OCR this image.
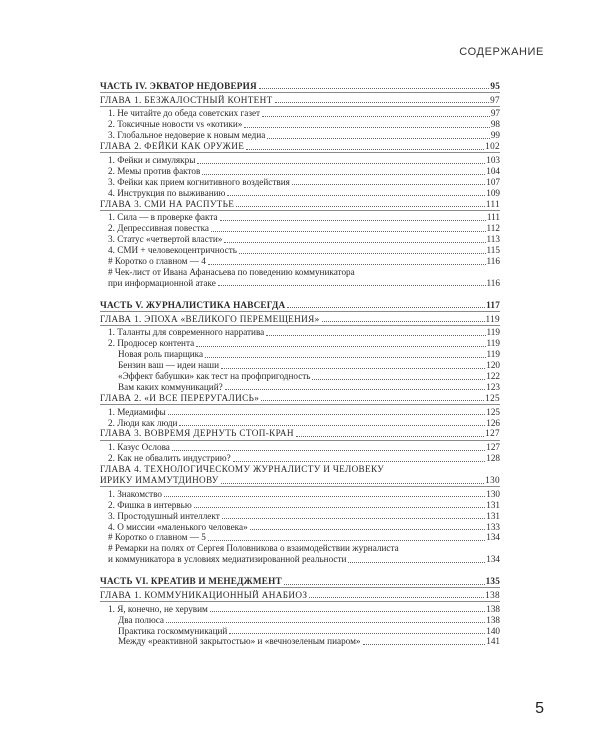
СОДЕРЖАНИЕ
ЧАСТЬ IV. ЭКВАТОР НЕДОВЕРИЯ	95
ГЛАВА 1. БЕЗЖАЛОСТНЫЙ КОНТЕНТ	97
1. Не читайте до обеда советских газет	97
2. Токсичные новости vs «котики»	98
3. Глобальное недоверие к новым медиа	99
ГЛАВА 2. ФЕЙКИ КАК ОРУЖИЕ	102
1. Фейки и симулякры	103
2. Мемы против фактов	104
3. Фейки как прием когнитивного воздействия	107
4. Инструкция по выживанию	109
ГЛАВА 3. СМИ НА РАСПУТЬЕ	111
1. Сила — в проверке факта	111
2. Депрессивная повестка	112
3. Статус «четвертой власти»	113
4. СМИ + человекоцентричность	115
# Коротко о главном — 4	116
# Чек-лист от Ивана Афанасьева по поведению коммуникатора
при информационной атаке	116
ЧАСТЬ V. ЖУРНАЛИСТИКА НАВСЕГДА	117
ГЛАВА 1. ЭПОХА «ВЕЛИКОГО ПЕРЕМЕЩЕНИЯ»	119
1. Таланты для современного нарратива	119
2. Продюсер контента	119
Новая роль пиарщика	119
Бензин ваш — идеи наши	120
«Эффект бабушки» как тест на профпригодность	122
Вам каких коммуникаций?	123
ГЛАВА 2. «И ВСЕ ПЕРЕРУГАЛИСЬ»	125
1. Медиамифы	125
2. Люди как люди	126
ГЛАВА 3. ВОВРЕМЯ ДЕРНУТЬ СТОП-КРАН	127
1. Казус Ослова	127
2. Как не обвалить индустрию?	128
ГЛАВА 4. ТЕХНОЛОГИЧЕСКОМУ ЖУРНАЛИСТУ И ЧЕЛОВЕКУ
ИРИКУ ИМАМУТДИНОВУ	130
1. Знакомство	130
2. Фишка в интервью	131
3. Простодушный интеллект	131
4. О миссии «маленького человека»	133
# Коротко о главном — 5	134
# Ремарки на полях от Сергея Половникова о взаимодействии журналиста
и коммуникатора в условиях медиатизированной реальности	134
ЧАСТЬ VI. КРЕАТИВ И МЕНЕДЖМЕНТ	135
ГЛАВА 1. КОММУНИКАЦИОННЫЙ АНАБИОЗ	138
1. Я, конечно, не херувим	138
Два полюса	138
Практика госкоммуникаций	140
Между «реактивной закрытостью» и «вечнозеленым пиаром»	141
5
